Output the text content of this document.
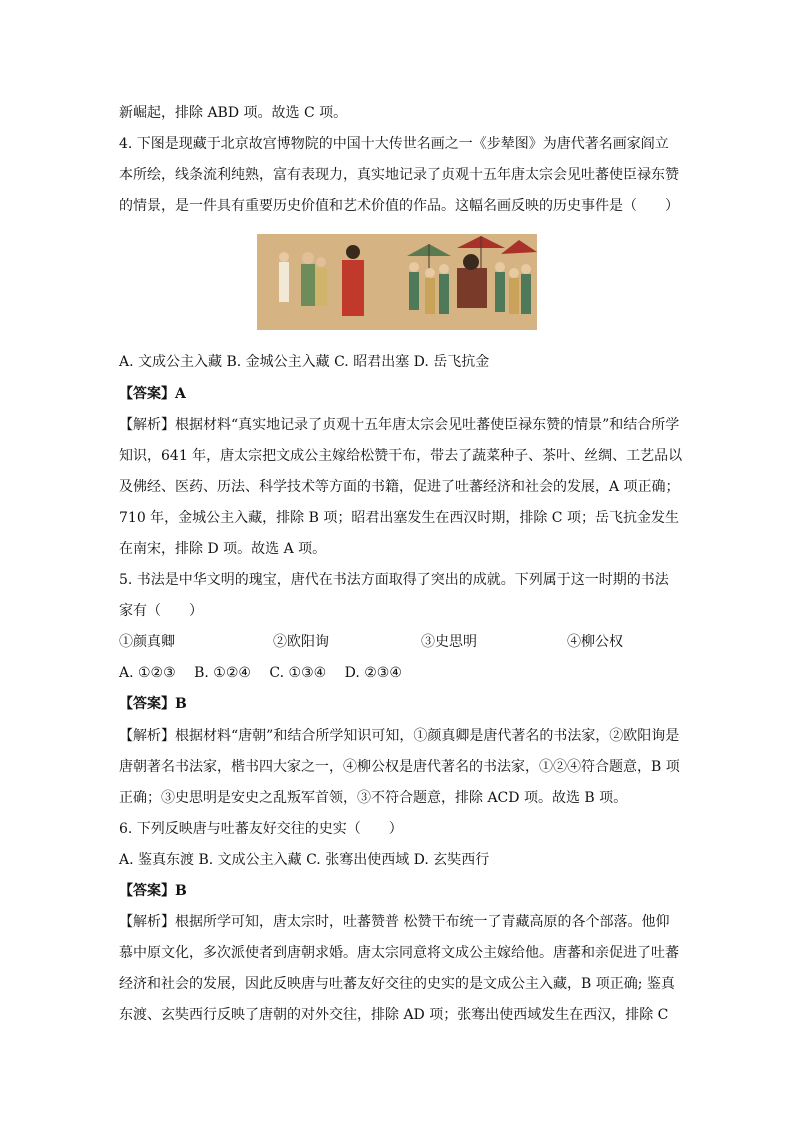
新崛起，排除 ABD 项。故选 C 项。
4. 下图是现藏于北京故宫博物院的中国十大传世名画之一《步辇图》为唐代著名画家阎立
本所绘，线条流利纯熟，富有表现力，真实地记录了贞观十五年唐太宗会见吐蕃使臣禄东赞
的情景，是一件具有重要历史价值和艺术价值的作品。这幅名画反映的历史事件是（　　）
A. 文成公主入藏 B. 金城公主入藏 C. 昭君出塞 D. 岳飞抗金
【答案】A
【解析】根据材料“真实地记录了贞观十五年唐太宗会见吐蕃使臣禄东赞的情景”和结合所学
知识，641 年，唐太宗把文成公主嫁给松赞干布，带去了蔬菜种子、茶叶、丝绸、工艺品以
及佛经、医药、历法、科学技术等方面的书籍，促进了吐蕃经济和社会的发展，A 项正确；
710 年，金城公主入藏，排除 B 项；昭君出塞发生在西汉时期，排除 C 项；岳飞抗金发生
在南宋，排除 D 项。故选 A 项。
5. 书法是中华文明的瑰宝，唐代在书法方面取得了突出的成就。下列属于这一时期的书法
家有（　　）
①颜真卿	②欧阳询	③史思明	④柳公权
A. ①②③　 B. ①②④　 C. ①③④　 D. ②③④
【答案】B
【解析】根据材料“唐朝”和结合所学知识可知，①颜真卿是唐代著名的书法家，②欧阳询是
唐朝著名书法家，楷书四大家之一，④柳公权是唐代著名的书法家，①②④符合题意，B 项
正确；③史思明是安史之乱叛军首领，③不符合题意，排除 ACD 项。故选 B 项。
6. 下列反映唐与吐蕃友好交往的史实（　　）
A. 鉴真东渡 B. 文成公主入藏 C. 张骞出使西域 D. 玄奘西行
【答案】B
【解析】根据所学可知，唐太宗时，吐蕃赞普 松赞干布统一了青藏高原的各个部落。他仰
慕中原文化，多次派使者到唐朝求婚。唐太宗同意将文成公主嫁给他。唐蕃和亲促进了吐蕃
经济和社会的发展，因此反映唐与吐蕃友好交往的史实的是文成公主入藏，B 项正确; 鉴真
东渡、玄奘西行反映了唐朝的对外交往，排除 AD 项；张骞出使西域发生在西汉，排除 C
